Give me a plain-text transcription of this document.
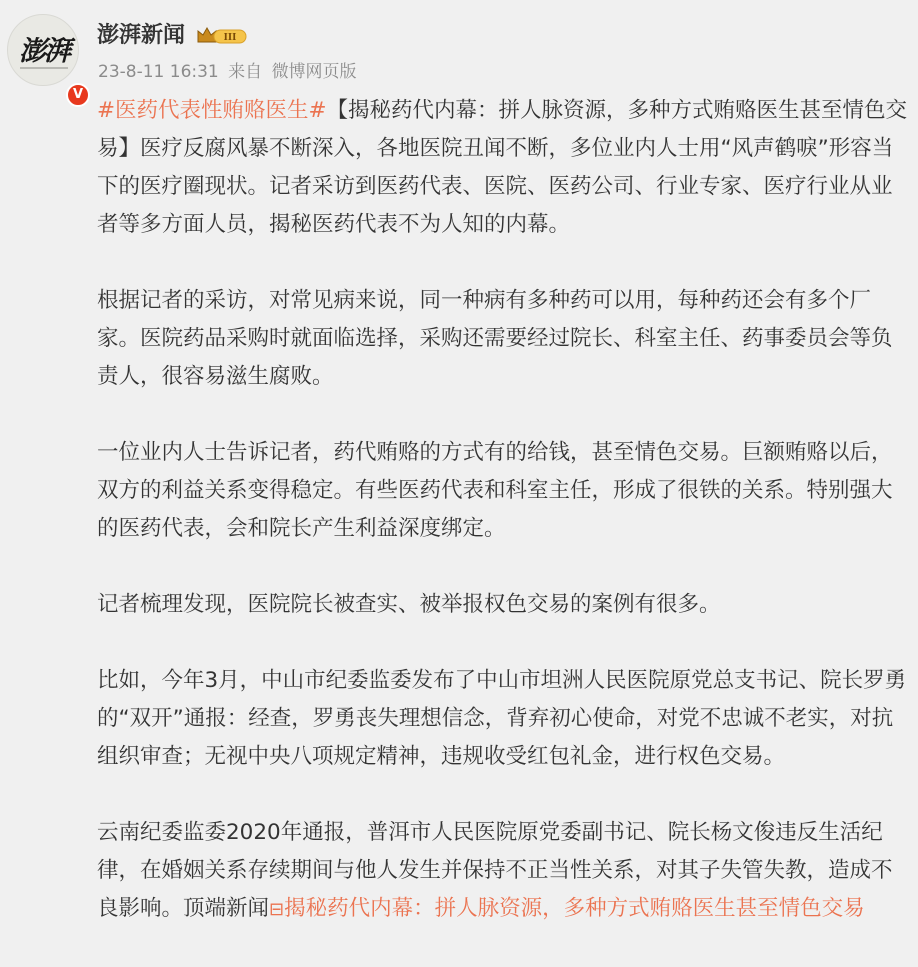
澎湃
V
澎湃新闻	III
23-8-11 16:31 来自 微博网页版

#医药代表性贿赂医生#【揭秘药代内幕：拼人脉资源，多种方式贿赂医生甚至情色交易】医疗反腐风暴不断深入，各地医院丑闻不断，多位业内人士用“风声鹤唳”形容当下的医疗圈现状。记者采访到医药代表、医院、医药公司、行业专家、医疗行业从业者等多方面人员，揭秘医药代表不为人知的内幕。

根据记者的采访，对常见病来说，同一种病有多种药可以用，每种药还会有多个厂家。医院药品采购时就面临选择，采购还需要经过院长、科室主任、药事委员会等负责人，很容易滋生腐败。

一位业内人士告诉记者，药代贿赂的方式有的给钱，甚至情色交易。巨额贿赂以后，双方的利益关系变得稳定。有些医药代表和科室主任，形成了很铁的关系。特别强大的医药代表，会和院长产生利益深度绑定。

记者梳理发现，医院院长被查实、被举报权色交易的案例有很多。

比如，今年3月，中山市纪委监委发布了中山市坦洲人民医院原党总支书记、院长罗勇的“双开”通报：经查，罗勇丧失理想信念，背弃初心使命，对党不忠诚不老实，对抗组织审查；无视中央八项规定精神，违规收受红包礼金，进行权色交易。

云南纪委监委2020年通报，普洱市人民医院原党委副书记、院长杨文俊违反生活纪律，在婚姻关系存续期间与他人发生并保持不正当性关系，对其子失管失教，造成不良影响。顶端新闻⊟揭秘药代内幕：拼人脉资源，多种方式贿赂医生甚至情色交易
